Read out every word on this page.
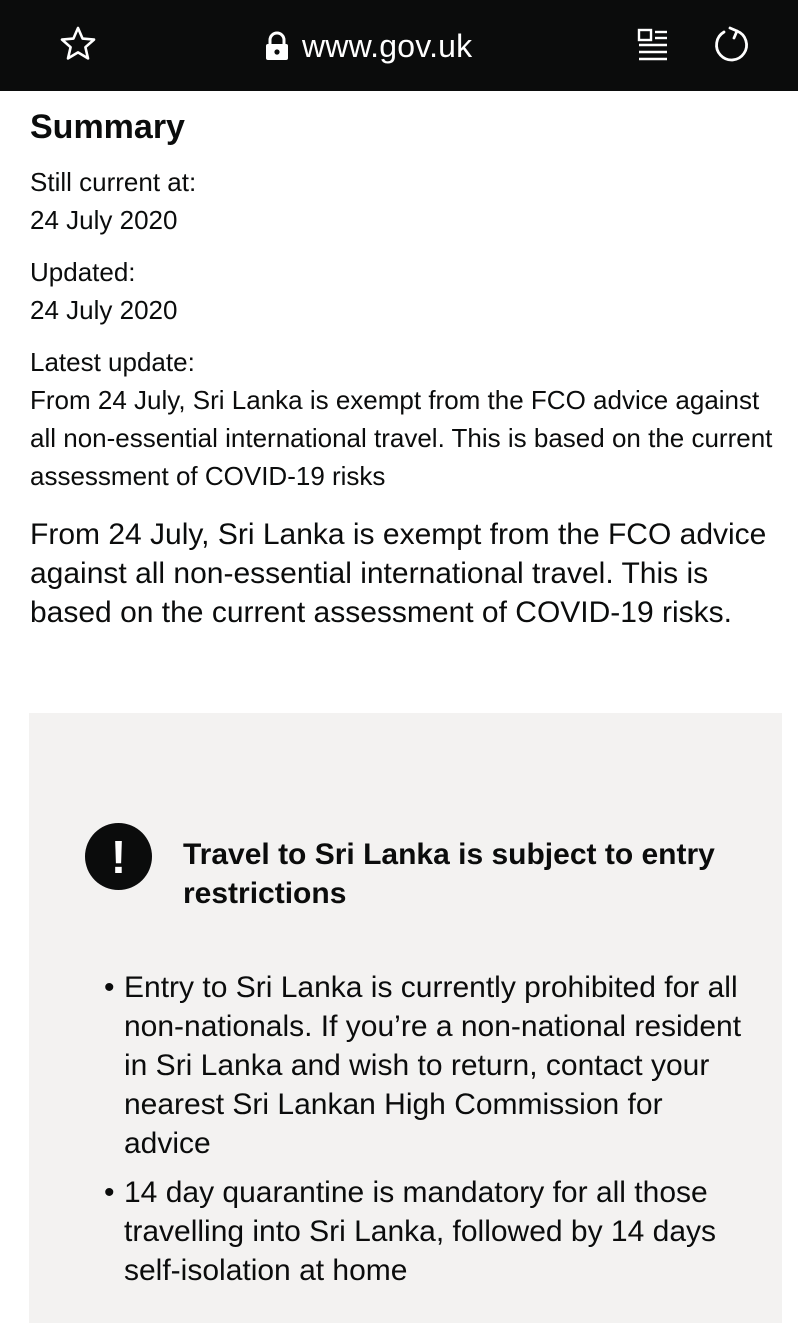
www.gov.uk
Summary
Still current at:
24 July 2020
Updated:
24 July 2020
Latest update:
From 24 July, Sri Lanka is exempt from the FCO advice against all non-essential international travel. This is based on the current assessment of COVID-19 risks

From 24 July, Sri Lanka is exempt from the FCO advice against all non-essential international travel. This is based on the current assessment of COVID-19 risks.

!	Travel to Sri Lanka is subject to entry restrictions
• Entry to Sri Lanka is currently prohibited for all non-nationals. If you’re a non-national resident in Sri Lanka and wish to return, contact your nearest Sri Lankan High Commission for advice
• 14 day quarantine is mandatory for all those travelling into Sri Lanka, followed by 14 days self-isolation at home
